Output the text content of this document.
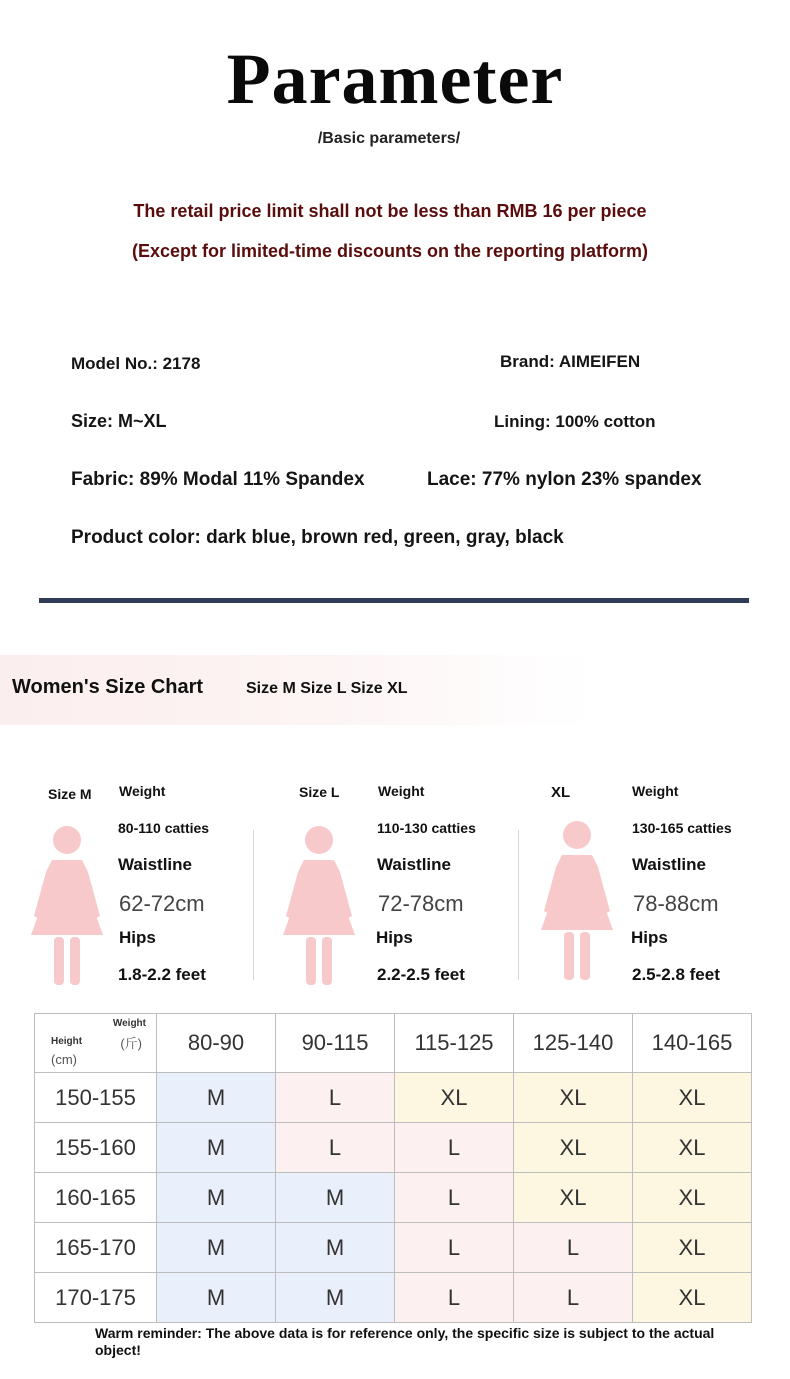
Parameter
/Basic parameters/
The retail price limit shall not be less than RMB 16 per piece
(Except for limited-time discounts on the reporting platform)
Model No.: 2178	Brand: AIMEIFEN
Size: M~XL	Lining: 100% cotton
Fabric: 89% Modal 11% Spandex	Lace: 77% nylon 23% spandex
Product color: dark blue, brown red, green, gray, black
Women's Size Chart	Size M Size L Size XL
Size M Weight
80-110 catties
Waistline
62-72cm
Hips
1.8-2.2 feet
Size L	Weight
110-130 catties
Waistline
72-78cm
Hips
2.2-2.5 feet
XL	Weight
130-165 catties
Waistline
78-88cm
Hips
2.5-2.8 feet
Weight
(斤)
Height
(cm)	80-90	90-115	115-125	125-140	140-165
150-155	M	L	XL	XL	XL
155-160	M	L	L	XL	XL
160-165	M	M	L	XL	XL
165-170	M	M	L	L	XL
170-175	M	M	L	L	XL
Warm reminder: The above data is for reference only, the specific size is subject to the actual object!
